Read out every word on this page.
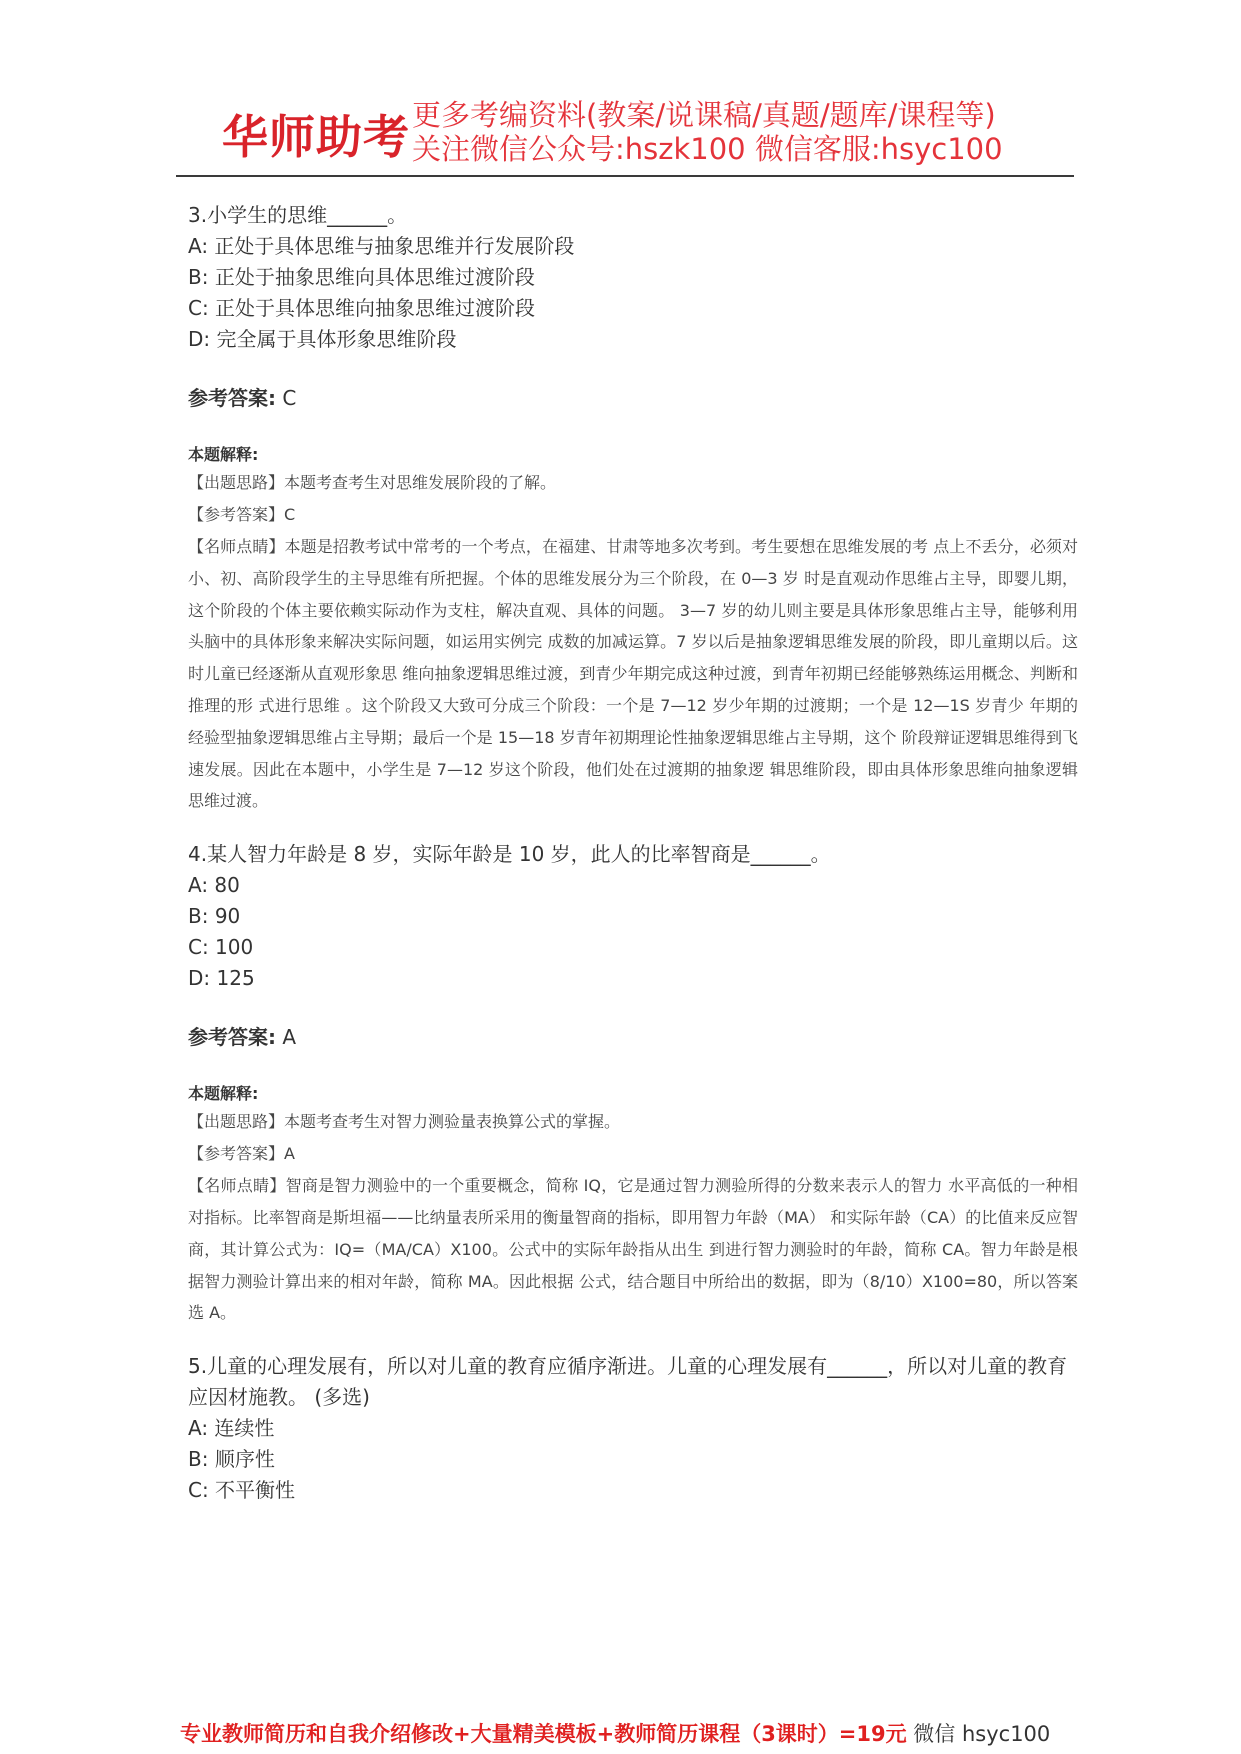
华师助考 更多考编资料(教案/说课稿/真题/题库/课程等)
关注微信公众号:hszk100 微信客服:hsyc100
3.小学生的思维______。
A: 正处于具体思维与抽象思维并行发展阶段
B: 正处于抽象思维向具体思维过渡阶段
C: 正处于具体思维向抽象思维过渡阶段
D: 完全属于具体形象思维阶段
参考答案: C
本题解释:
【出题思路】本题考查考生对思维发展阶段的了解。
【参考答案】C
【名师点睛】本题是招教考试中常考的一个考点，在福建、甘肃等地多次考到。考生要想在思维发展的考 点上不丢分，必须对小、初、高阶段学生的主导思维有所把握。个体的思维发展分为三个阶段，在 0—3 岁 时是直观动作思维占主导，即婴儿期，这个阶段的个体主要依赖实际动作为支柱，解决直观、具体的问题。 3—7 岁的幼儿则主要是具体形象思维占主导，能够利用头脑中的具体形象来解决实际问题，如运用实例完 成数的加减运算。7 岁以后是抽象逻辑思维发展的阶段，即儿童期以后。这时儿童已经逐渐从直观形象思 维向抽象逻辑思维过渡，到青少年期完成这种过渡，到青年初期已经能够熟练运用概念、判断和推理的形 式进行思维 。这个阶段又大致可分成三个阶段：一个是 7—12 岁少年期的过渡期；一个是 12—1S 岁青少 年期的经验型抽象逻辑思维占主导期；最后一个是 15—18 岁青年初期理论性抽象逻辑思维占主导期，这个 阶段辩证逻辑思维得到飞速发展。因此在本题中，小学生是 7—12 岁这个阶段，他们处在过渡期的抽象逻 辑思维阶段，即由具体形象思维向抽象逻辑思维过渡。
4.某人智力年龄是 8 岁，实际年龄是 10 岁，此人的比率智商是______。
A: 80
B: 90
C: 100
D: 125
参考答案: A
本题解释:
【出题思路】本题考查考生对智力测验量表换算公式的掌握。
【参考答案】A
【名师点睛】智商是智力测验中的一个重要概念，简称 IQ，它是通过智力测验所得的分数来表示人的智力 水平高低的一种相对指标。比率智商是斯坦福——比纳量表所采用的衡量智商的指标，即用智力年龄（MA） 和实际年龄（CA）的比值来反应智商，其计算公式为：IQ=（MA/CA）X100。公式中的实际年龄指从出生 到进行智力测验时的年龄，简称 CA。智力年龄是根据智力测验计算出来的相对年龄，简称 MA。因此根据 公式，结合题目中所给出的数据，即为（8/10）X100=80，所以答案选 A。
5.儿童的心理发展有，所以对儿童的教育应循序渐进。儿童的心理发展有______，所以对儿童的教育应因材施教。 (多选)
A: 连续性
B: 顺序性
C: 不平衡性
专业教师简历和自我介绍修改+大量精美模板+教师简历课程（3课时）=19元 微信 hsyc100
